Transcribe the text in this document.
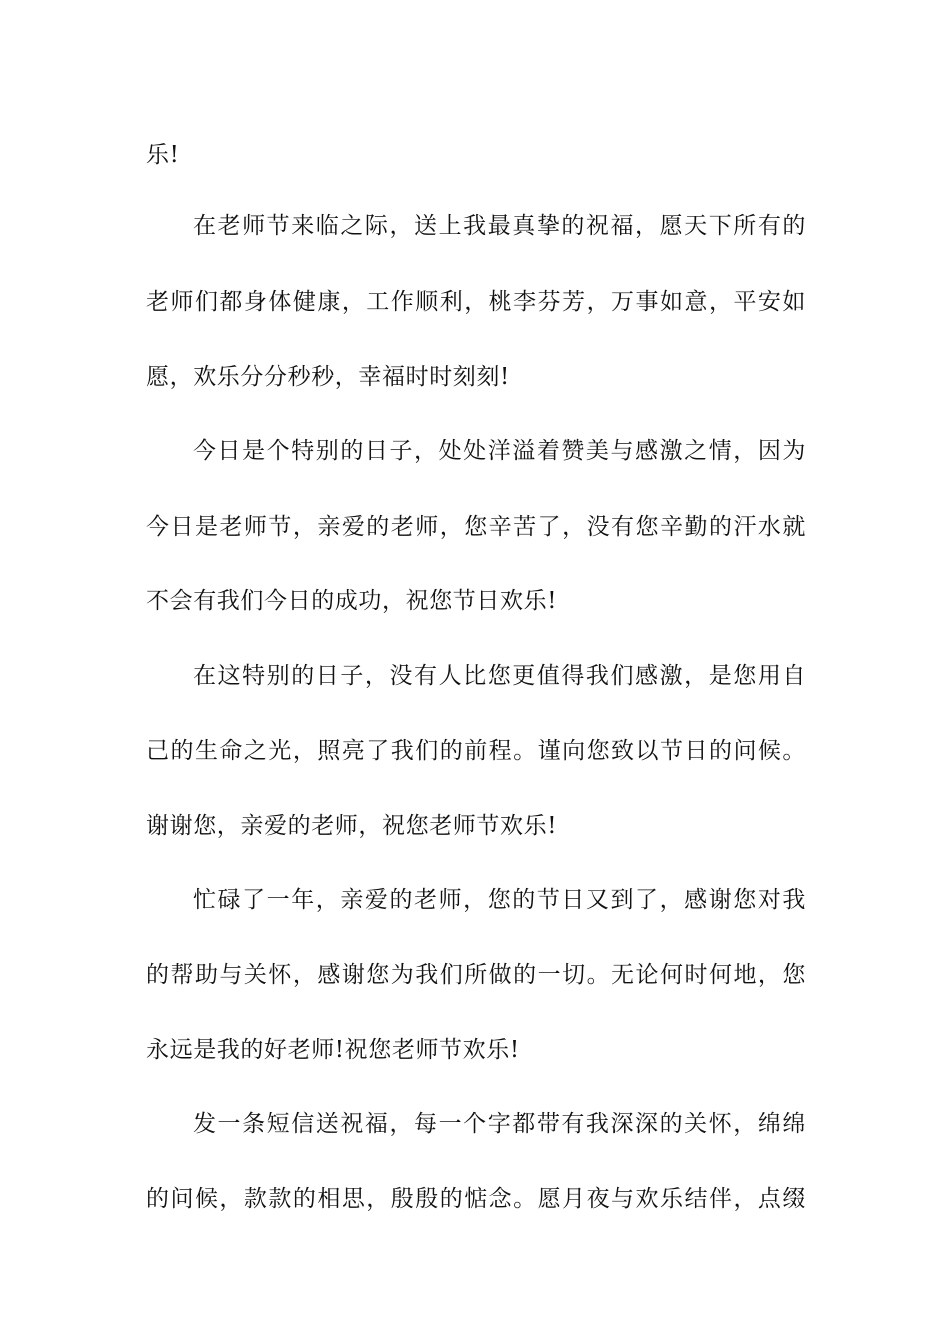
乐!
在老师节来临之际，送上我最真挚的祝福，愿天下所有的
老师们都身体健康，工作顺利，桃李芬芳，万事如意，平安如
愿，欢乐分分秒秒，幸福时时刻刻!
今日是个特别的日子，处处洋溢着赞美与感激之情，因为
今日是老师节，亲爱的老师，您辛苦了，没有您辛勤的汗水就
不会有我们今日的成功，祝您节日欢乐!
在这特别的日子，没有人比您更值得我们感激，是您用自
己的生命之光，照亮了我们的前程。谨向您致以节日的问候。
谢谢您，亲爱的老师，祝您老师节欢乐!
忙碌了一年，亲爱的老师，您的节日又到了，感谢您对我
的帮助与关怀，感谢您为我们所做的一切。无论何时何地，您
永远是我的好老师!祝您老师节欢乐!
发一条短信送祝福，每一个字都带有我深深的关怀，绵绵
的问候，款款的相思，殷殷的惦念。愿月夜与欢乐结伴，点缀
